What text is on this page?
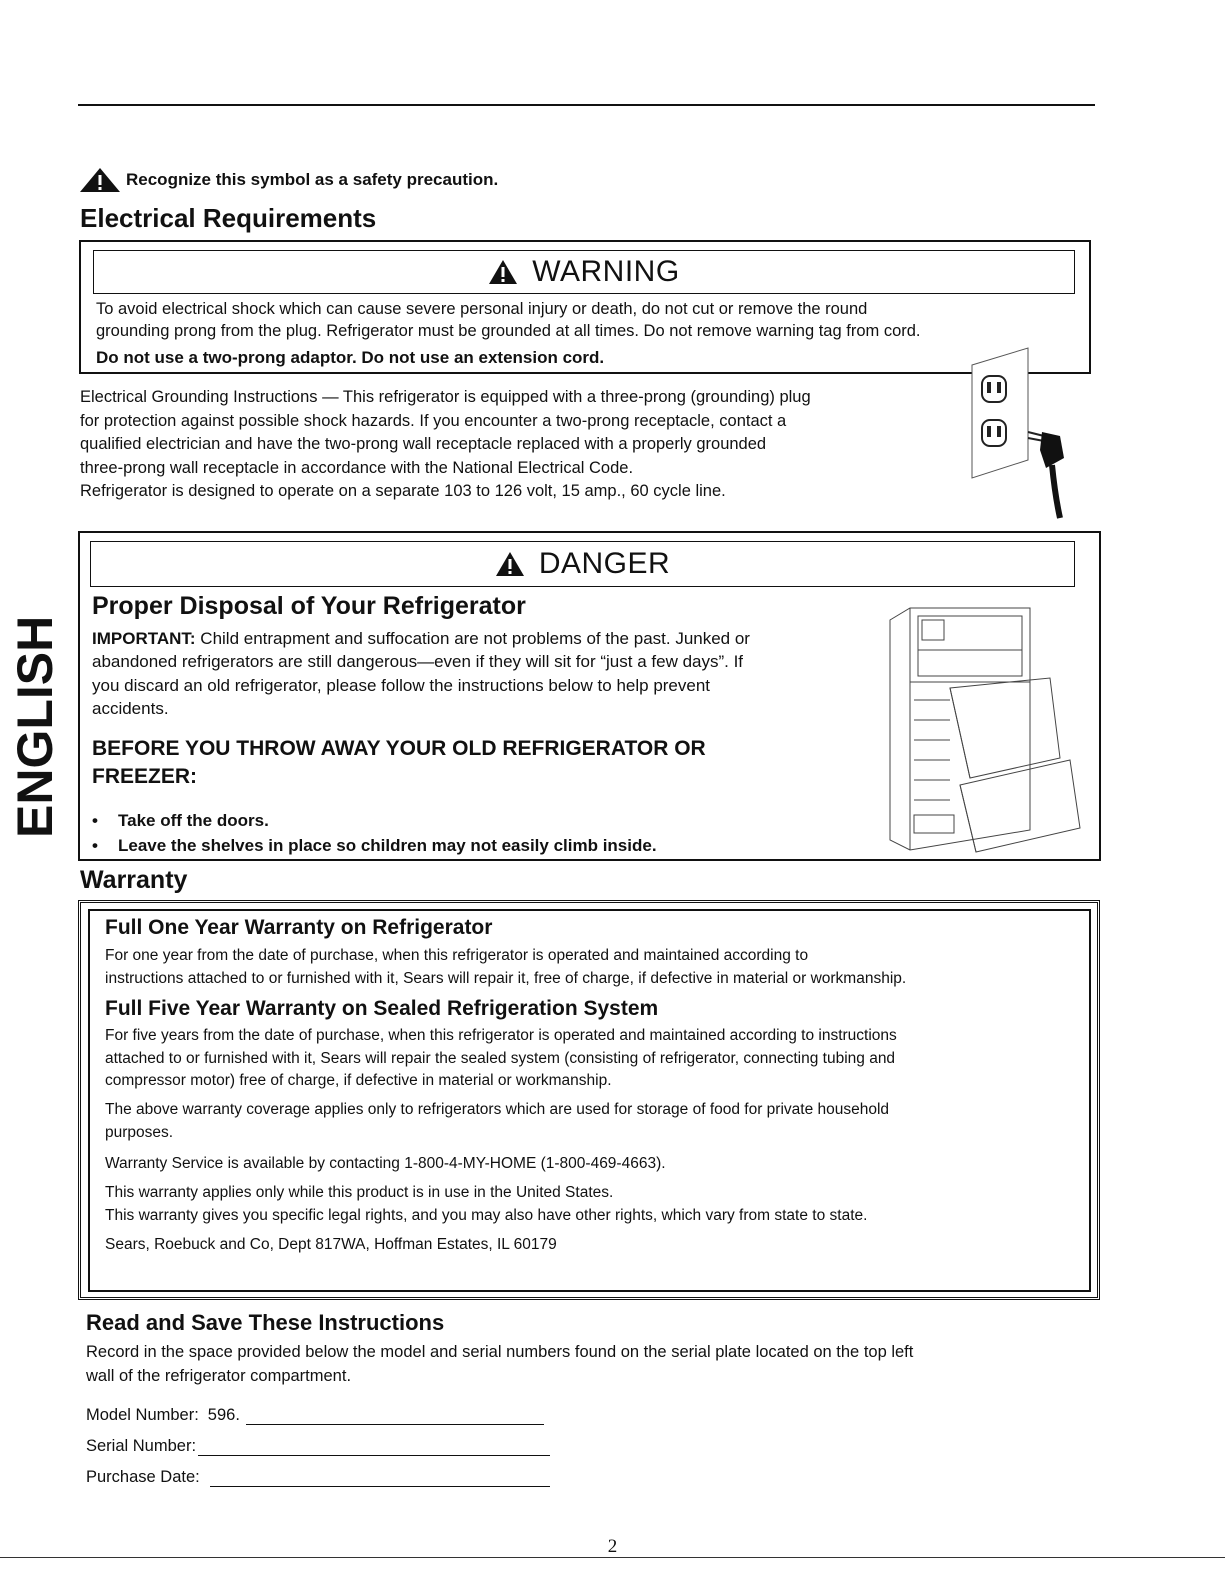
Recognize this symbol as a safety precaution.
Electrical Requirements
WARNING
To avoid electrical shock which can cause severe personal injury or death, do not cut or remove the round
grounding prong from the plug. Refrigerator must be grounded at all times. Do not remove warning tag from cord.
Do not use a two-prong adaptor. Do not use an extension cord.
Electrical Grounding Instructions — This refrigerator is equipped with a three-prong (grounding) plug
for protection against possible shock hazards. If you encounter a two-prong receptacle, contact a
qualified electrician and have the two-prong wall receptacle replaced with a properly grounded
three-prong wall receptacle in accordance with the National Electrical Code.
Refrigerator is designed to operate on a separate 103 to 126 volt, 15 amp., 60 cycle line.
DANGER
Proper Disposal of Your Refrigerator
IMPORTANT: Child entrapment and suffocation are not problems of the past. Junked or
abandoned refrigerators are still dangerous—even if they will sit for “just a few days”. If
you discard an old refrigerator, please follow the instructions below to help prevent
accidents.
BEFORE YOU THROW AWAY YOUR OLD REFRIGERATOR OR
FREEZER:
•	Take off the doors.
•	Leave the shelves in place so children may not easily climb inside.
ENGLISH
Warranty
Full One Year Warranty on Refrigerator
For one year from the date of purchase, when this refrigerator is operated and maintained according to
instructions attached to or furnished with it, Sears will repair it, free of charge, if defective in material or workmanship.
Full Five Year Warranty on Sealed Refrigeration System
For five years from the date of purchase, when this refrigerator is operated and maintained according to instructions
attached to or furnished with it, Sears will repair the sealed system (consisting of refrigerator, connecting tubing and
compressor motor) free of charge, if defective in material or workmanship.
The above warranty coverage applies only to refrigerators which are used for storage of food for private household
purposes.
Warranty Service is available by contacting 1-800-4-MY-HOME (1-800-469-4663).
This warranty applies only while this product is in use in the United States.
This warranty gives you specific legal rights, and you may also have other rights, which vary from state to state.
Sears, Roebuck and Co, Dept 817WA, Hoffman Estates, IL 60179
Read and Save These Instructions
Record in the space provided below the model and serial numbers found on the serial plate located on the top left
wall of the refrigerator compartment.
Model Number: 596.
Serial Number:
Purchase Date:
2
